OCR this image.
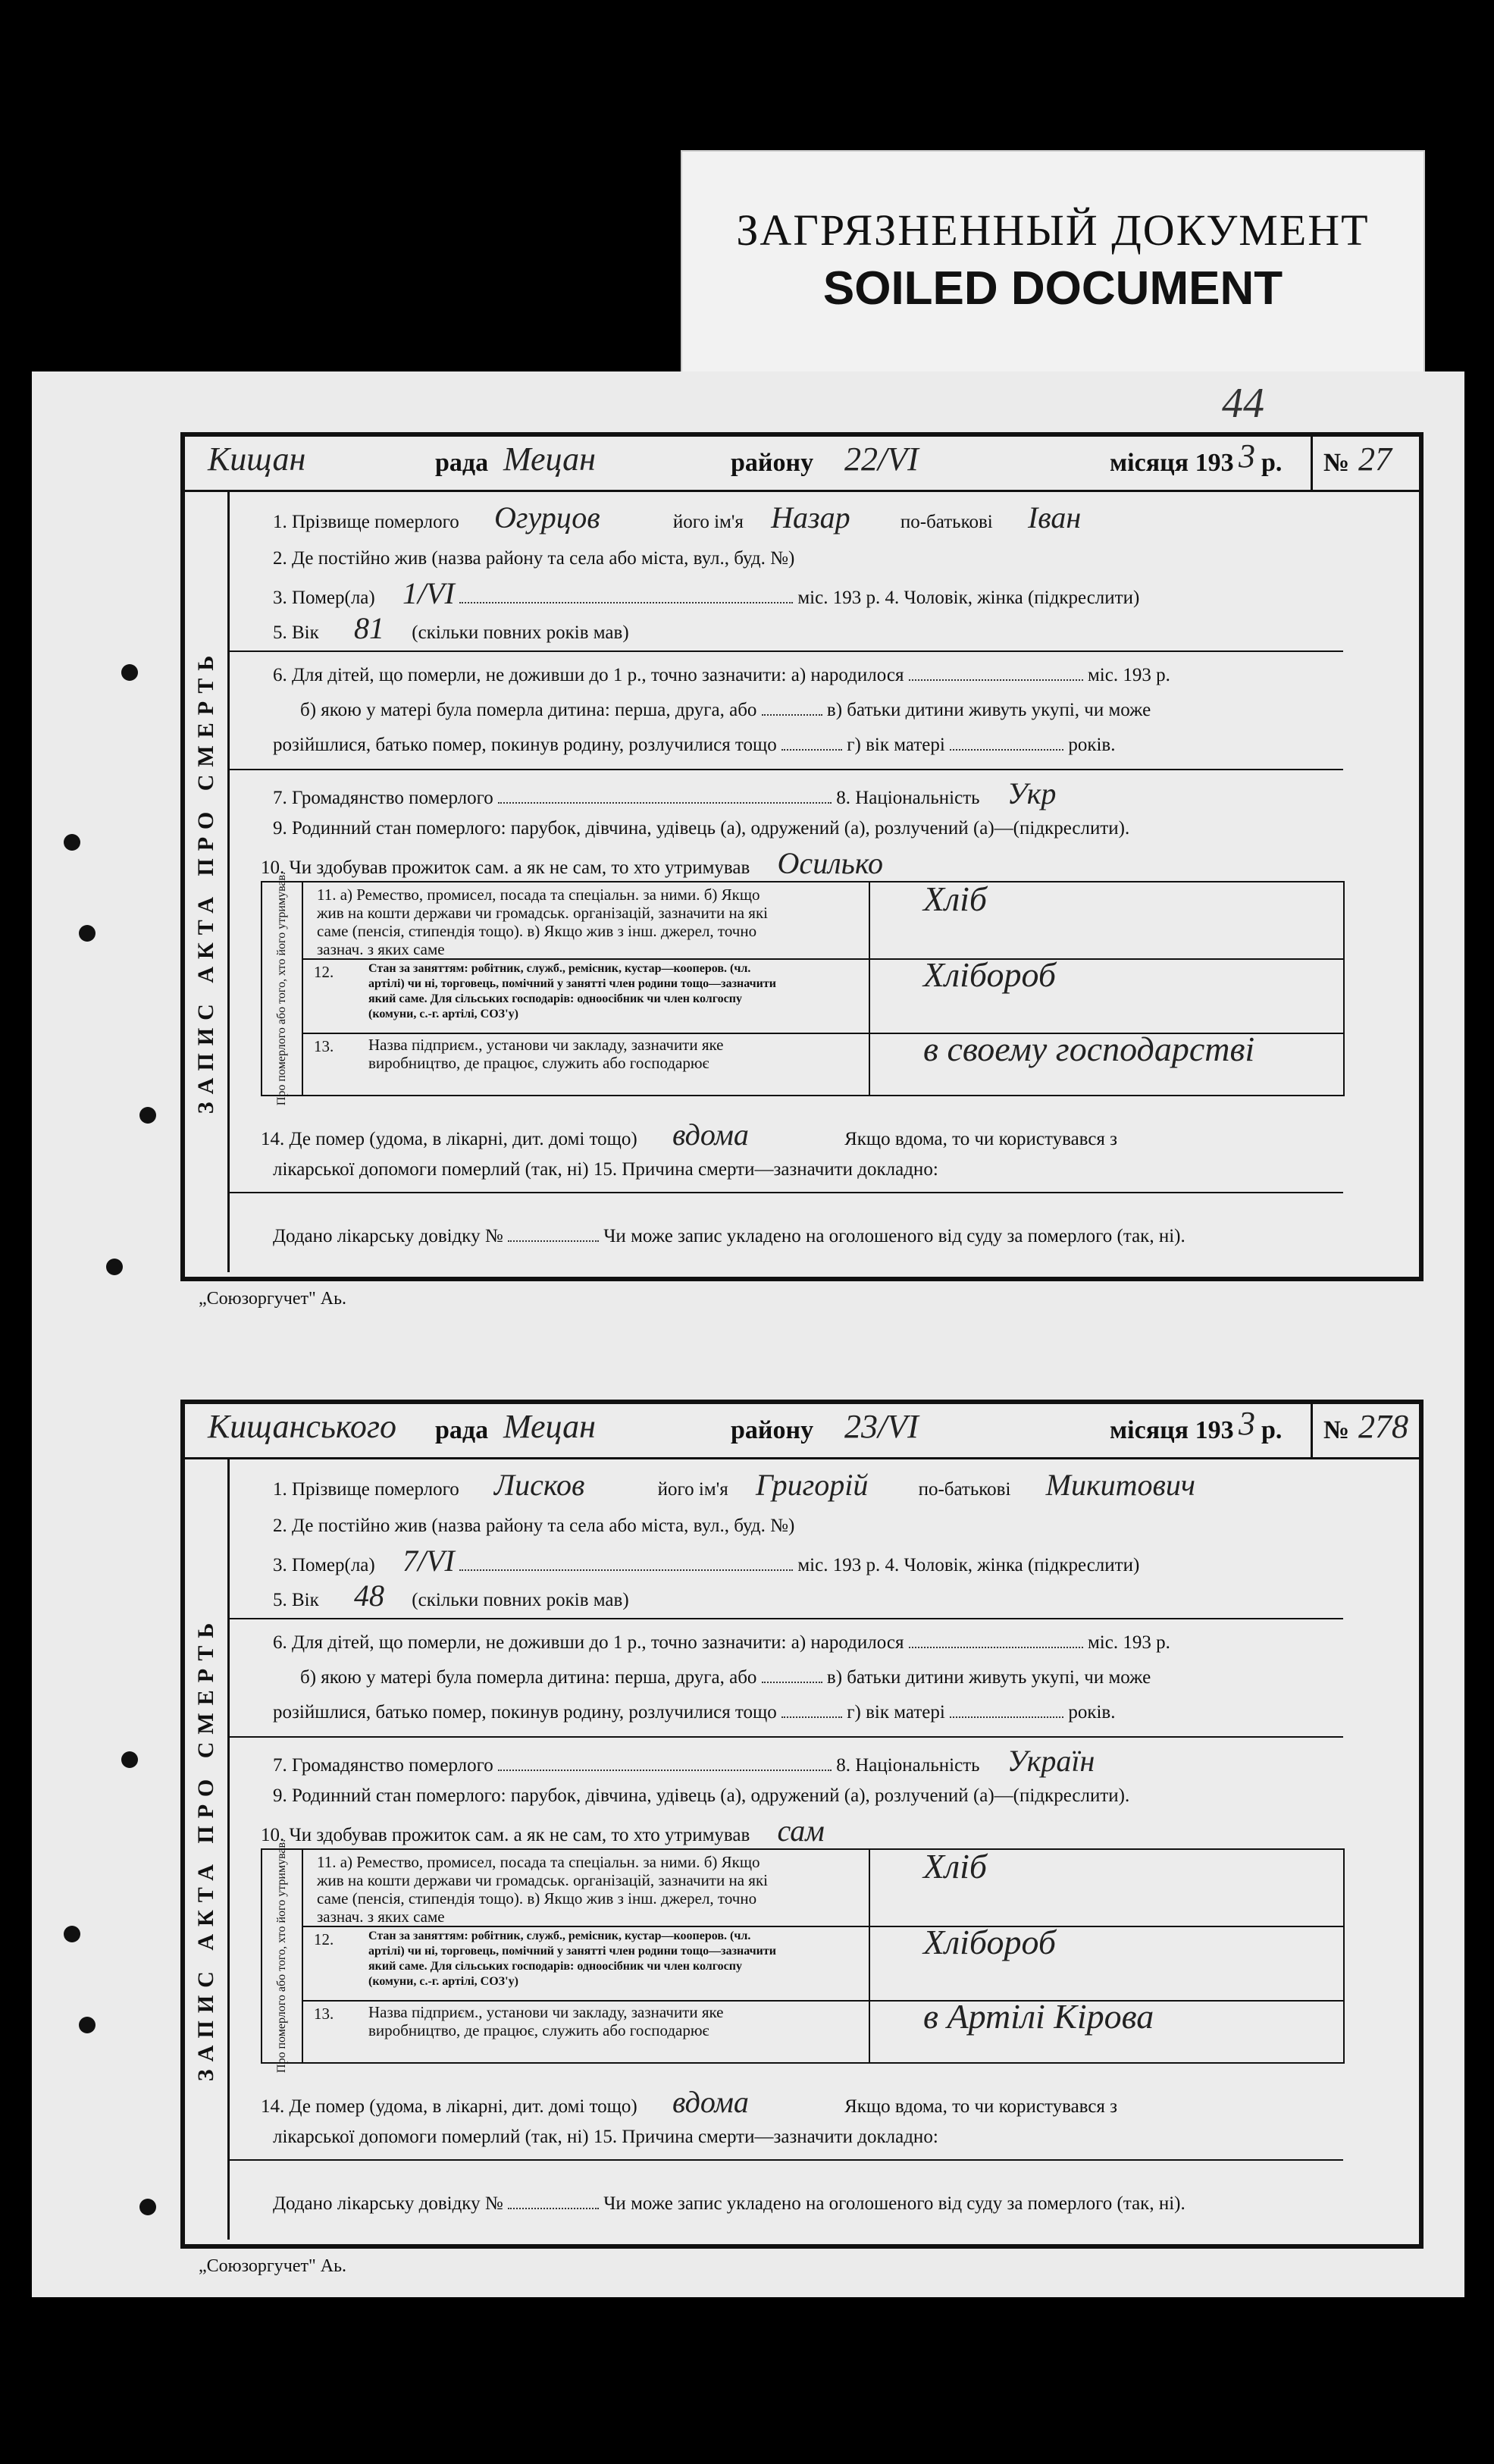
ЗАГРЯЗНЕННЫЙ ДОКУМЕНТ
SOILED DOCUMENT
44
Кищан	рада Мецан	району 22/VI	місяця 193 3 р. № 27
ЗАПИС АКТА ПРО СМЕРТЬ
1. Прізвище померлого Огурцов	його ім'я Назар	по-батькові Іван
2. Де постійно жив (назва району та села або міста, вул., буд. №)
3. Помер(ла) 1/VI	міс. 193 р. 4. Чоловік, жінка (підкреслити)
5. Вік 81 (скільки повних років мав)
6. Для дітей, що померли, не доживши до 1 р., точно зазначити: а) народилося	міс. 193 р.
б) якою у матері була померла дитина: перша, друга, або	в) батьки дитини живуть укупі, чи може
розійшлися, батько помер, покинув родину, розлучилися тощо	г) вік матері	років.
7. Громадянство померлого	8. Національність Укр
9. Родинний стан померлого: парубок, дівчина, удівець (а), одружений (а), розлучений (а)—(підкреслити).
10. Чи здобував прожиток сам. а як не сам, то хто утримував Осилько
Про померлого або того, хто його утримував. 11. а) Ремество, промисел, посада та спеціальн. за ними. б) Якщо жив на кошти держави чи громадськ. організацій, зазначити на які саме (пенсія, стипендія тощо). в) Якщо жив з інш. джерел, точно зазнач. з яких саме
Хліб
12.	Стан за заняттям: робітник, служб., ремісник, кустар—кооперов. (чл. артілі) чи ні, торговець, помічний у занятті член родини тощо—зазначити який саме. Для сільських господарів: одноосібник чи член колгоспу (комуни, с.-г. артілі, СОЗ'у)
Хлібороб
13. Назва підприєм., установи чи закладу, зазначити яке виробництво, де працює, служить або господарює	в своему господарстві
14. Де помер (удома, в лікарні, дит. домі тощо) вдома	Якщо вдома, то чи користувався з
лікарської допомоги померлий (так, ні) 15. Причина смерти—зазначити докладно:
Додано лікарську довідку №	Чи може запис укладено на оголошеного від суду за померлого (так, ні).
„Союзоргучет" Аь.
Кищанського рада Мецан	району 23/VI	місяця 193 3 р. № 278
ЗАПИС АКТА ПРО СМЕРТЬ
1. Прізвище померлого Лисков	його ім'я Григорій	по-батькові Микитович
2. Де постійно жив (назва району та села або міста, вул., буд. №)
3. Помер(ла) 7/VI	міс. 193 р. 4. Чоловік, жінка (підкреслити)
5. Вік 48 (скільки повних років мав)
6. Для дітей, що померли, не доживши до 1 р., точно зазначити: а) народилося	міс. 193 р.
б) якою у матері була померла дитина: перша, друга, або	в) батьки дитини живуть укупі, чи може
розійшлися, батько помер, покинув родину, розлучилися тощо	г) вік матері	років.
7. Громадянство померлого	8. Національність Україн
9. Родинний стан померлого: парубок, дівчина, удівець (а), одружений (а), розлучений (а)—(підкреслити).
10. Чи здобував прожиток сам. а як не сам, то хто утримував сам
Про померлого або того, хто його утримував. 11. а) Ремество, промисел, посада та спеціальн. за ними. б) Якщо жив на кошти держави чи громадськ. організацій, зазначити на які саме (пенсія, стипендія тощо). в) Якщо жив з інш. джерел, точно зазнач. з яких саме
Хліб
12.	Стан за заняттям: робітник, служб., ремісник, кустар—кооперов. (чл. артілі) чи ні, торговець, помічний у занятті член родини тощо—зазначити який саме. Для сільських господарів: одноосібник чи член колгоспу (комуни, с.-г. артілі, СОЗ'у)
Хлібороб
13. Назва підприєм., установи чи закладу, зазначити яке виробництво, де працює, служить або господарює	в Артілі Кірова
14. Де помер (удома, в лікарні, дит. домі тощо) вдома	Якщо вдома, то чи користувався з
лікарської допомоги померлий (так, ні) 15. Причина смерти—зазначити докладно:
Додано лікарську довідку №	Чи може запис укладено на оголошеного від суду за померлого (так, ні).
„Союзоргучет" Аь.
